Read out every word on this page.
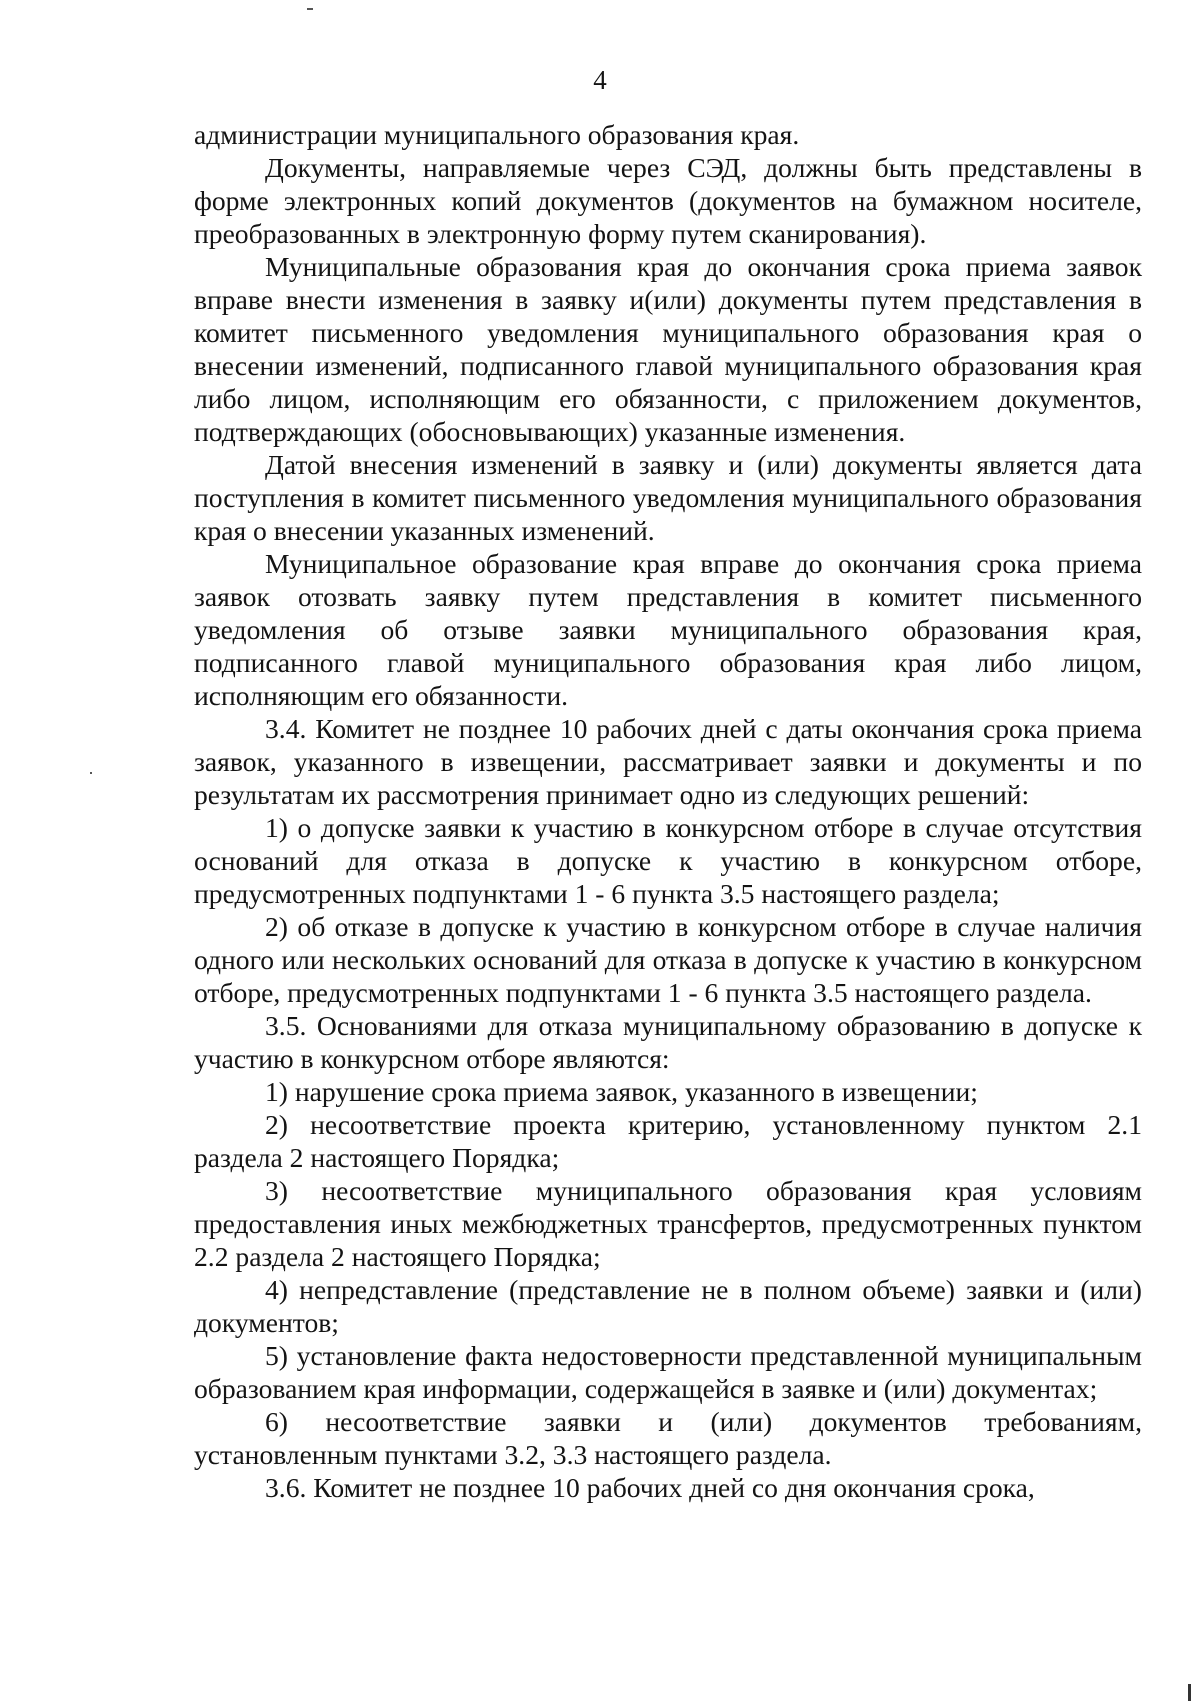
4

администрации муниципального образования края.

Документы, направляемые через СЭД, должны быть представлены в форме электронных копий документов (документов на бумажном носителе, преобразованных в электронную форму путем сканирования).

Муниципальные образования края до окончания срока приема заявок вправе внести изменения в заявку и(или) документы путем представления в комитет письменного уведомления муниципального образования края о внесении изменений, подписанного главой муниципального образования края либо лицом, исполняющим его обязанности, с приложением документов, подтверждающих (обосновывающих) указанные изменения.

Датой внесения изменений в заявку и (или) документы является дата поступления в комитет письменного уведомления муниципального образования края о внесении указанных изменений.

Муниципальное образование края вправе до окончания срока приема заявок отозвать заявку путем представления в комитет письменного уведомления об отзыве заявки муниципального образования края, подписанного главой муниципального образования края либо лицом, исполняющим его обязанности.

3.4. Комитет не позднее 10 рабочих дней с даты окончания срока приема заявок, указанного в извещении, рассматривает заявки и документы и по результатам их рассмотрения принимает одно из следующих решений:

1) о допуске заявки к участию в конкурсном отборе в случае отсутствия оснований для отказа в допуске к участию в конкурсном отборе, предусмотренных подпунктами 1 - 6 пункта 3.5 настоящего раздела;

2) об отказе в допуске к участию в конкурсном отборе в случае наличия одного или нескольких оснований для отказа в допуске к участию в конкурсном отборе, предусмотренных подпунктами 1 - 6 пункта 3.5 настоящего раздела.

3.5. Основаниями для отказа муниципальному образованию в допуске к участию в конкурсном отборе являются:

1) нарушение срока приема заявок, указанного в извещении;

2) несоответствие проекта критерию, установленному пунктом 2.1 раздела 2 настоящего Порядка;

3) несоответствие муниципального образования края условиям предоставления иных межбюджетных трансфертов, предусмотренных пунктом 2.2 раздела 2 настоящего Порядка;

4) непредставление (представление не в полном объеме) заявки и (или) документов;

5) установление факта недостоверности представленной муниципальным образованием края информации, содержащейся в заявке и (или) документах;

6) несоответствие заявки и (или) документов требованиям, установленным пунктами 3.2, 3.3 настоящего раздела.

3.6. Комитет не позднее 10 рабочих дней со дня окончания срока,
